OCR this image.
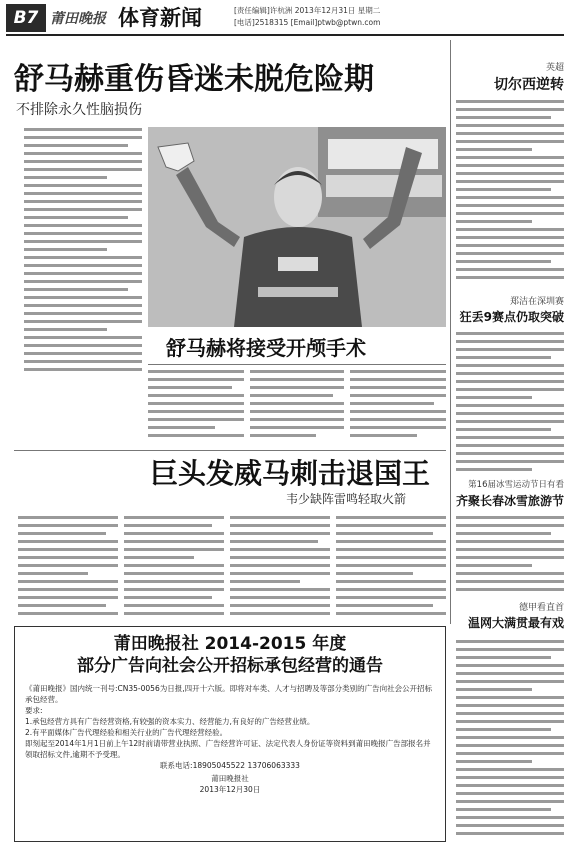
B7 莆田晚报 体育新闻	[责任编辑]许杭洲 2013年12月31日 星期二
[电话]2518315 [Email]ptwb@ptwn.com
舒马赫重伤昏迷未脱危险期
不排除永久性脑损伤
舒马赫将接受开颅手术
巨头发威马刺击退国王
韦少缺阵雷鸣轻取火箭
英超
切尔西逆转
郑洁在深圳赛
狂丢9赛点仍取突破
第16届冰雪运动节日有看
齐聚长春冰雪旅游节
德甲看直首
温网大满贯最有戏
莆田晚报社 2014-2015 年度
部分广告向社会公开招标承包经营的通告
《莆田晚报》国内统一刊号:CN35-0056为日报,四开十六版。即将对车类、人才与招聘及等部分类别的广告向社会公开招标承包经营。
要求:
1.承包经营方具有广告经营资格,有较强的资本实力、经营能力,有良好的广告经营业绩。
2.有平面媒体广告代理经验和相关行业的广告代理经营经验。
即刻起至2014年1月1日前上午12时前请带营业执照、广告经营许可证、法定代表人身份证等资料到莆田晚报广告部报名并领取招标文件,逾期不予受理。
联系电话:18905045522 13706063333
莆田晚报社
2013年12月30日
